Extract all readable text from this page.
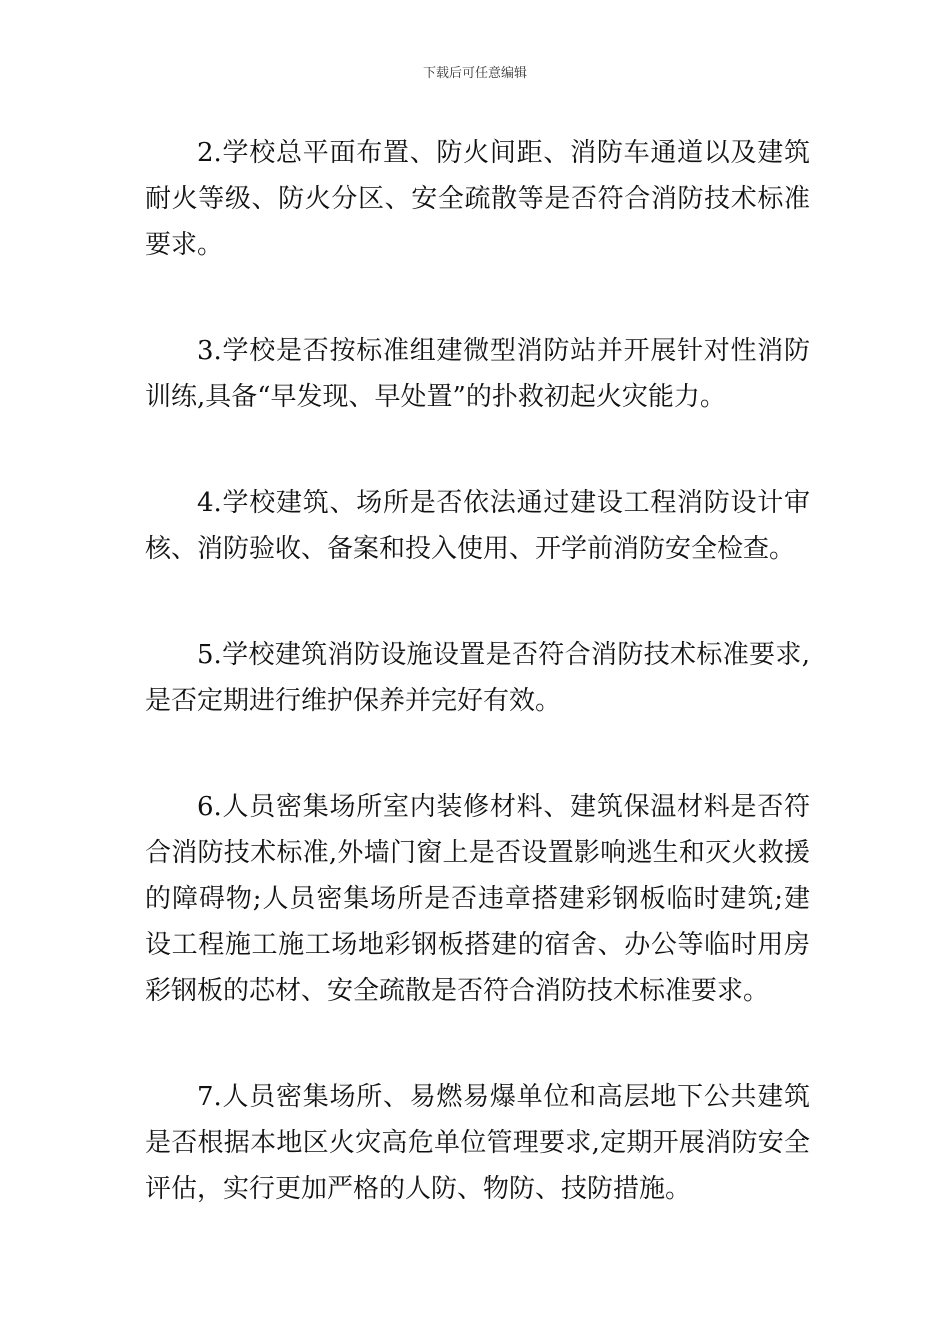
下载后可任意编辑

2.学校总平面布置、防火间距、消防车通道以及建筑耐火等级、防火分区、安全疏散等是否符合消防技术标准要求。

3.学校是否按标准组建微型消防站并开展针对性消防训练,具备“早发现、早处置”的扑救初起火灾能力。

4.学校建筑、场所是否依法通过建设工程消防设计审核、消防验收、备案和投入使用、开学前消防安全检查。

5.学校建筑消防设施设置是否符合消防技术标准要求,是否定期进行维护保养并完好有效。

6.人员密集场所室内装修材料、建筑保温材料是否符合消防技术标准,外墙门窗上是否设置影响逃生和灭火救援的障碍物;人员密集场所是否违章搭建彩钢板临时建筑;建设工程施工施工场地彩钢板搭建的宿舍、办公等临时用房彩钢板的芯材、安全疏散是否符合消防技术标准要求。

7.人员密集场所、易燃易爆单位和高层地下公共建筑是否根据本地区火灾高危单位管理要求,定期开展消防安全评估，实行更加严格的人防、物防、技防措施。
